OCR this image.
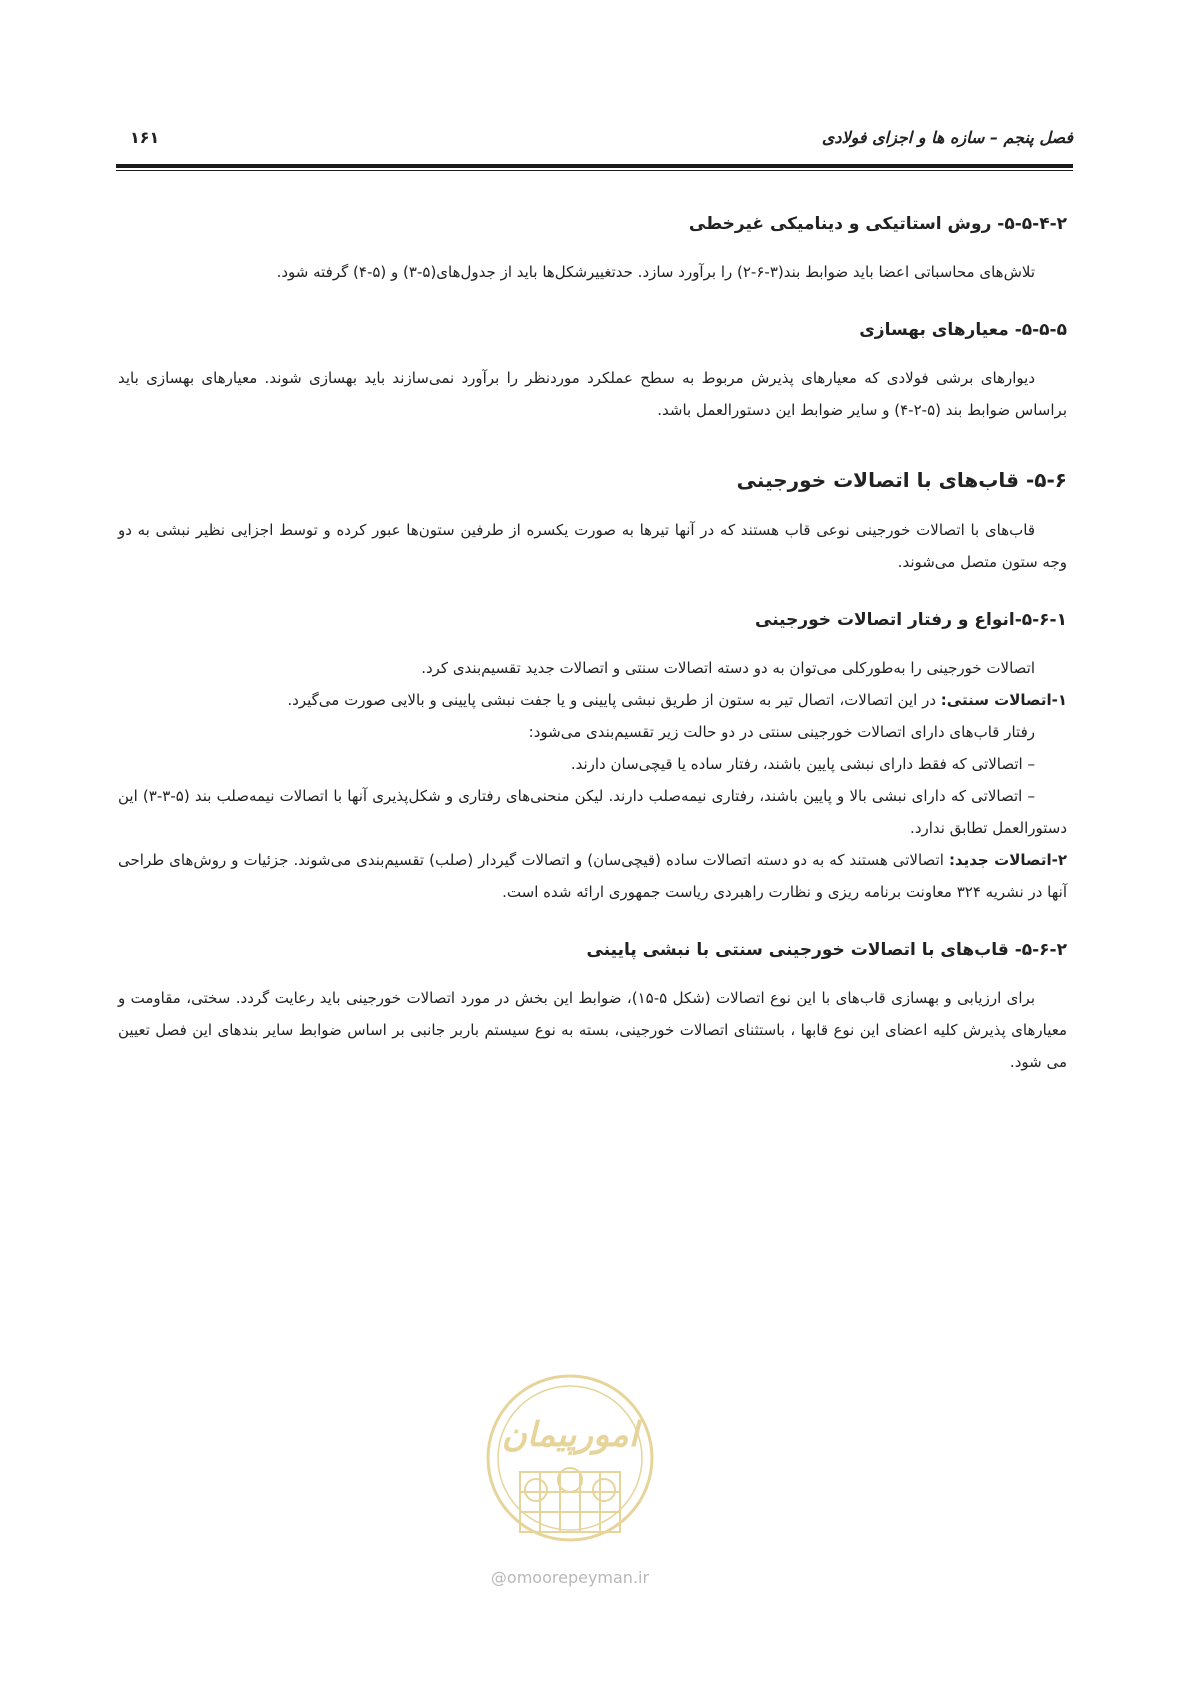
فصل پنجم – سازه ها و اجزای فولادی
۱۶۱
۵-۵-۴-۲- روش استاتیکی و دینامیکی غیرخطی

تلاش‌های محاسباتی اعضا باید ضوابط بند(۳-۶-۲) را برآورد سازد. حدتغییرشکل‌ها باید از جدول‌های(۵-۳) و (۵-۴) گرفته شود.

۵-۵-۵- معیارهای بهسازی

دیوارهای برشی فولادی که معیارهای پذیرش مربوط به سطح عملکرد موردنظر را برآورد نمی‌سازند باید بهسازی شوند. معیارهای بهسازی باید براساس ضوابط بند (۵-۲-۴) و سایر ضوابط این دستورالعمل باشد.

۵-۶- قاب‌های با اتصالات خورجینی

قاب‌های با اتصالات خورجینی نوعی قاب هستند که در آنها تیرها به صورت یکسره از طرفین ستون‌ها عبور کرده و توسط اجزایی نظیر نبشی به دو وجه ستون متصل می‌شوند.

۵-۶-۱-انواع و رفتار اتصالات خورجینی

اتصالات خورجینی را به‌طورکلی می‌توان به دو دسته اتصالات سنتی و اتصالات جدید تقسیم‌بندی کرد.

۱-اتصالات سنتی: در این اتصالات، اتصال تیر به ستون از طریق نبشی پایینی و یا جفت نبشی پایینی و بالایی صورت می‌گیرد.

رفتار قاب‌های دارای اتصالات خورجینی سنتی در دو حالت زیر تقسیم‌بندی می‌شود:

– اتصالاتی که فقط دارای نبشی پایین باشند، رفتار ساده یا قیچی‌سان دارند.

– اتصالاتی که دارای نبشی بالا و پایین باشند، رفتاری نیمه‌صلب دارند. لیکن منحنی‌های رفتاری و شکل‌پذیری آنها با اتصالات نیمه‌صلب بند (۵-۳-۳) این دستورالعمل تطابق ندارد.

۲-اتصالات جدید: اتصالاتی هستند که به دو دسته اتصالات ساده (قیچی‌سان) و اتصالات گیردار (صلب) تقسیم‌بندی می‌شوند. جزئیات و روش‌های طراحی آنها در نشریه ۳۲۴ معاونت برنامه ریزی و نظارت راهبردی ریاست جمهوری ارائه شده است.

۵-۶-۲- قاب‌های با اتصالات خورجینی سنتی با نبشی پایینی

برای ارزیابی و بهسازی قاب‌های با این نوع اتصالات (شکل ۵-۱۵)، ضوابط این بخش در مورد اتصالات خورجینی باید رعایت گردد. سختی، مقاومت و معیارهای پذیرش کلیه اعضای این نوع قابها ، باستثنای اتصالات خورجینی، بسته به نوع سیستم باربر جانبی بر اساس ضوابط سایر بندهای این فصل تعیین می شود.

امورپیمان
@omoorepeyman.ir
